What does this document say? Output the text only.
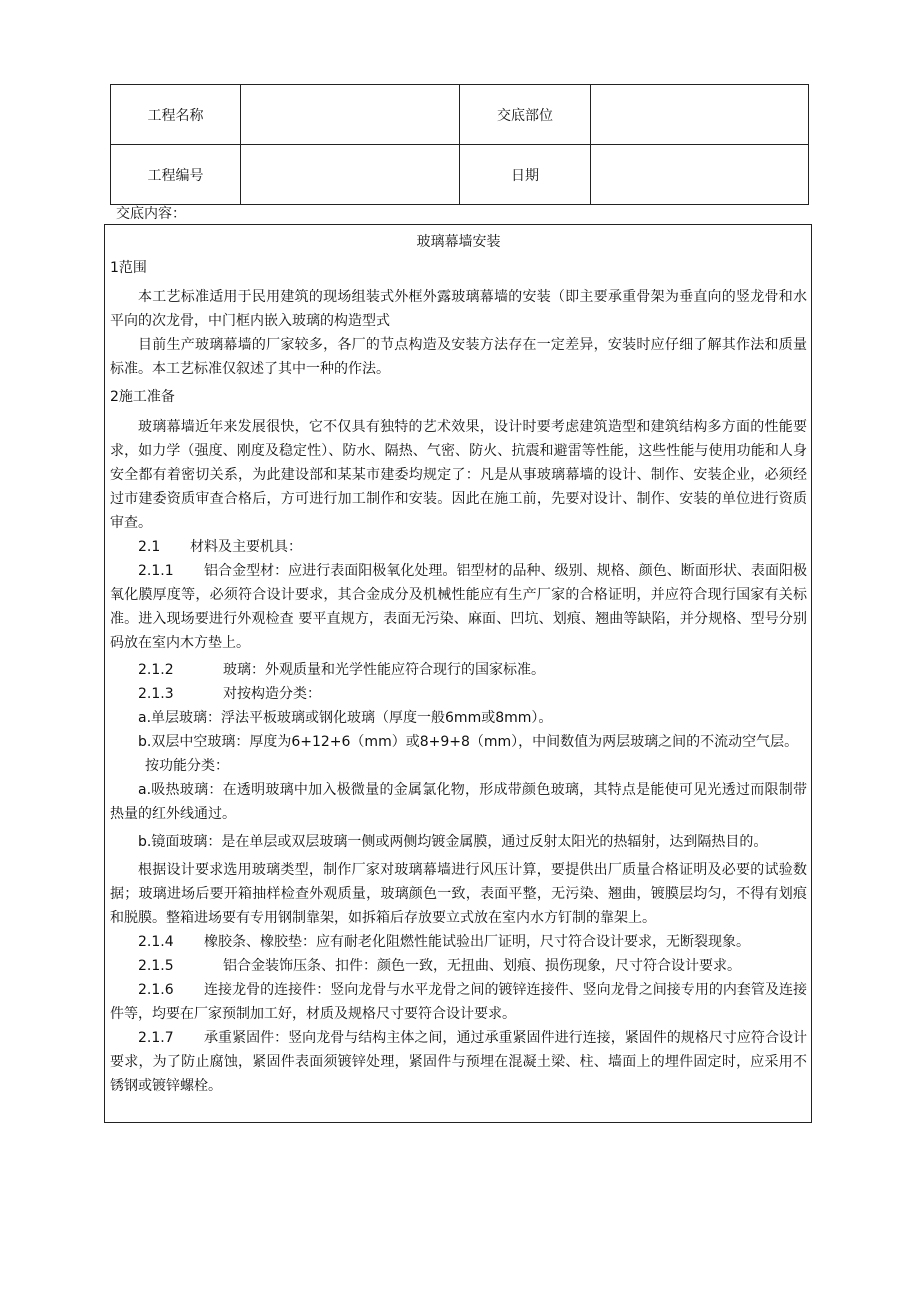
工程名称		交底部位	
工程编号		日期	
交底内容：
玻璃幕墙安装

1范围

本工艺标准适用于民用建筑的现场组装式外框外露玻璃幕墙的安装（即主要承重骨架为垂直向的竖龙骨和水平向的次龙骨，中门框内嵌入玻璃的构造型式

目前生产玻璃幕墙的厂家较多，各厂的节点构造及安装方法存在一定差异，安装时应仔细了解其作法和质量标准。本工艺标准仅叙述了其中一种的作法。

2施工准备

玻璃幕墙近年来发展很快，它不仅具有独特的艺术效果，设计时要考虑建筑造型和建筑结构多方面的性能要求，如力学（强度、刚度及稳定性）、防水、隔热、气密、防火、抗震和避雷等性能，这些性能与使用功能和人身安全都有着密切关系，为此建设部和某某市建委均规定了：凡是从事玻璃幕墙的设计、制作、安装企业，必须经过市建委资质审查合格后，方可进行加工制作和安装。因此在施工前，先要对设计、制作、安装的单位进行资质审查。

2.1 材料及主要机具：

2.1.1 铝合金型材：应进行表面阳极氧化处理。铝型材的品种、级别、规格、颜色、断面形状、表面阳极氧化膜厚度等，必须符合设计要求，其合金成分及机械性能应有生产厂家的合格证明，并应符合现行国家有关标准。进入现场要进行外观检查 要平直规方，表面无污染、麻面、凹坑、划痕、翘曲等缺陷，并分规格、型号分别码放在室内木方垫上。

2.1.2	玻璃：外观质量和光学性能应符合现行的国家标准。

2.1.3	对按构造分类：

a.单层玻璃：浮法平板玻璃或钢化玻璃（厚度一般6mm或8mm）。

b.双层中空玻璃：厚度为6+12+6（mm）或8+9+8（mm），中间数值为两层玻璃之间的不流动空气层。

按功能分类：

a.吸热玻璃：在透明玻璃中加入极微量的金属氯化物，形成带颜色玻璃，其特点是能使可见光透过而限制带热量的红外线通过。

b.镜面玻璃：是在单层或双层玻璃一侧或两侧均镀金属膜，通过反射太阳光的热辐射，达到隔热目的。

根据设计要求选用玻璃类型，制作厂家对玻璃幕墙进行风压计算，要提供出厂质量合格证明及必要的试验数据；玻璃进场后要开箱抽样检查外观质量，玻璃颜色一致，表面平整，无污染、翘曲，镀膜层均匀，不得有划痕和脱膜。整箱进场要有专用钢制靠架，如拆箱后存放要立式放在室内水方钉制的靠架上。

2.1.4 橡胶条、橡胶垫：应有耐老化阻燃性能试验出厂证明，尺寸符合设计要求，无断裂现象。

2.1.5	铝合金装饰压条、扣件：颜色一致，无扭曲、划痕、损伤现象，尺寸符合设计要求。

2.1.6 连接龙骨的连接件：竖向龙骨与水平龙骨之间的镀锌连接件、竖向龙骨之间接专用的内套管及连接件等，均要在厂家预制加工好，材质及规格尺寸要符合设计要求。

2.1.7 承重紧固件：竖向龙骨与结构主体之间，通过承重紧固件进行连接，紧固件的规格尺寸应符合设计要求，为了防止腐蚀，紧固件表面须镀锌处理，紧固件与预埋在混凝土梁、柱、墙面上的埋件固定时，应采用不锈钢或镀锌螺栓。
